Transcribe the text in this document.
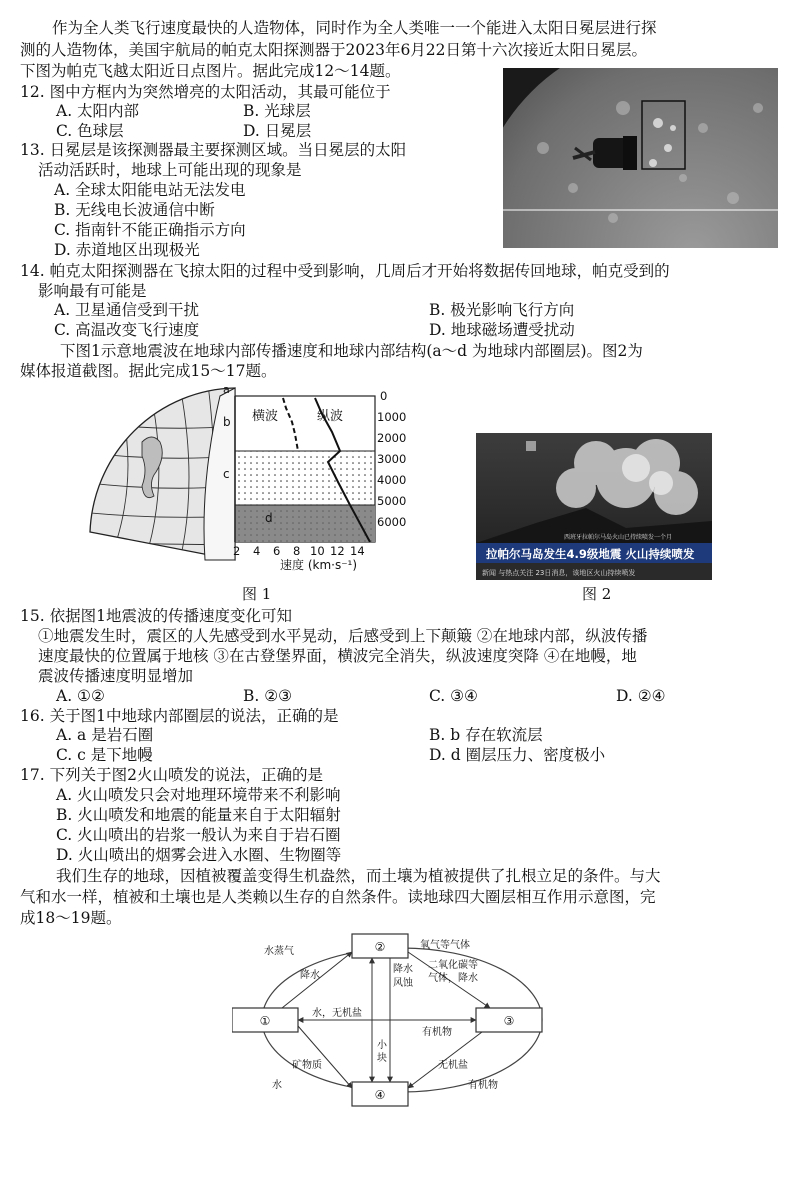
作为全人类飞行速度最快的人造物体，同时作为全人类唯一一个能进入太阳日冕层进行探
测的人造物体，美国宇航局的帕克太阳探测器于2023年6月22日第十六次接近太阳日冕层。
下图为帕克飞越太阳近日点图片。据此完成12～14题。
12. 图中方框内为突然增亮的太阳活动，其最可能位于
A. 太阳内部	B. 光球层
C. 色球层	D. 日冕层
13. 日冕层是该探测器最主要探测区域。当日冕层的太阳
活动活跃时，地球上可能出现的现象是
A. 全球太阳能电站无法发电
B. 无线电长波通信中断
C. 指南针不能正确指示方向
D. 赤道地区出现极光
14. 帕克太阳探测器在飞掠太阳的过程中受到影响，几周后才开始将数据传回地球，帕克受到的
影响最有可能是
A. 卫星通信受到干扰	B. 极光影响飞行方向
C. 高温改变飞行速度	D. 地球磁场遭受扰动
下图1示意地震波在地球内部传播速度和地球内部结构(a～d 为地球内部圈层)。图2为
媒体报道截图。据此完成15～17题。
b
a
c
d
横波	纵波
0
1000
2000
3000
4000
5000
6000
2 4 6 8 10 12 14
速度 (km·s⁻¹)
图 1
西班牙拉帕尔马岛火山已持续喷发一个月
拉帕尔马岛发生4.9级地震 火山持续喷发
新闻 与热点关注 23日消息，该地区火山持续喷发
图 2
15. 依据图1地震波的传播速度变化可知
①地震发生时，震区的人先感受到水平晃动，后感受到上下颠簸 ②在地球内部，纵波传播
速度最快的位置属于地核 ③在古登堡界面，横波完全消失，纵波速度突降 ④在地幔，地
震波传播速度明显增加
A. ①②	B. ②③	C. ③④	D. ②④
16. 关于图1中地球内部圈层的说法，正确的是
A. a 是岩石圈	B. b 存在软流层
C. c 是下地幔	D. d 圈层压力、密度极小
17. 下列关于图2火山喷发的说法，正确的是
A. 火山喷发只会对地理环境带来不利影响
B. 火山喷发和地震的能量来自于太阳辐射
C. 火山喷出的岩浆一般认为来自于岩石圈
D. 火山喷出的烟雾会进入水圈、生物圈等
我们生存的地球，因植被覆盖变得生机盎然，而土壤为植被提供了扎根立足的条件。与大
气和水一样，植被和土壤也是人类赖以生存的自然条件。读地球四大圈层相互作用示意图，完
成18～19题。
②
①	③
④
水蒸气
降水
氧气等气体
二氧化碳等
气体，降水
降水
风蚀
水，无机盐
有机物
矿物质
水
无机盐
有机物
小
块
